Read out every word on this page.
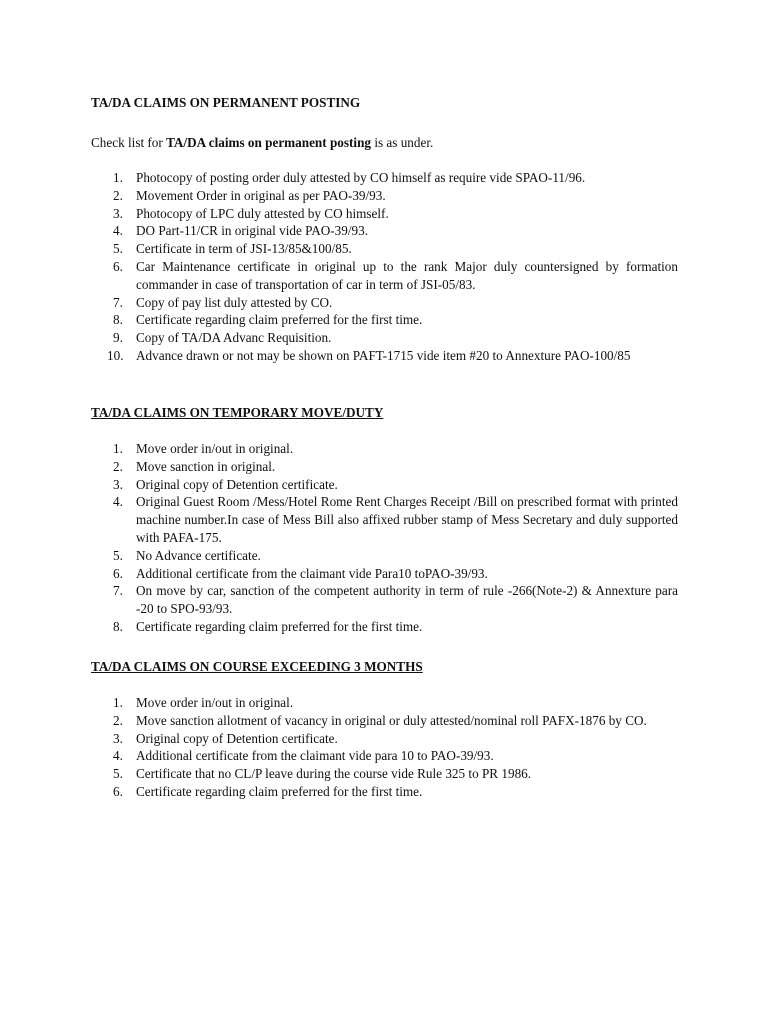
TA/DA CLAIMS ON PERMANENT POSTING

Check list for TA/DA claims on permanent posting is as under.

1. Photocopy of posting order duly attested by CO himself as require vide SPAO-11/96.
2. Movement Order in original as per PAO-39/93.
3. Photocopy of LPC duly attested by CO himself.
4. DO Part-11/CR in original vide PAO-39/93.
5. Certificate in term of JSI-13/85&100/85.
6. Car Maintenance certificate in original up to the rank Major duly countersigned by formation commander in case of transportation of car in term of JSI-05/83.
7. Copy of pay list duly attested by CO.
8. Certificate regarding claim preferred for the first time.
9. Copy of TA/DA Advanc Requisition.
10. Advance drawn or not may be shown on PAFT-1715 vide item #20 to Annexture PAO-100/85
TA/DA CLAIMS ON TEMPORARY MOVE/DUTY
1. Move order in/out in original.
2. Move sanction in original.
3. Original copy of Detention certificate.
4. Original Guest Room /Mess/Hotel Rome Rent Charges Receipt /Bill on prescribed format with printed machine number.In case of Mess Bill also affixed rubber stamp of Mess Secretary and duly supported with PAFA-175.
5. No Advance certificate.
6. Additional certificate from the claimant vide Para10 toPAO-39/93.
7. On move by car, sanction of the competent authority in term of rule -266(Note-2) & Annexture para -20 to SPO-93/93.
8. Certificate regarding claim preferred for the first time.
TA/DA CLAIMS ON COURSE EXCEEDING 3 MONTHS
1. Move order in/out in original.
2. Move sanction allotment of vacancy in original or duly attested/nominal roll PAFX-1876 by CO.
3. Original copy of Detention certificate.
4. Additional certificate from the claimant vide para 10 to PAO-39/93.
5. Certificate that no CL/P leave during the course vide Rule 325 to PR 1986.
6. Certificate regarding claim preferred for the first time.
